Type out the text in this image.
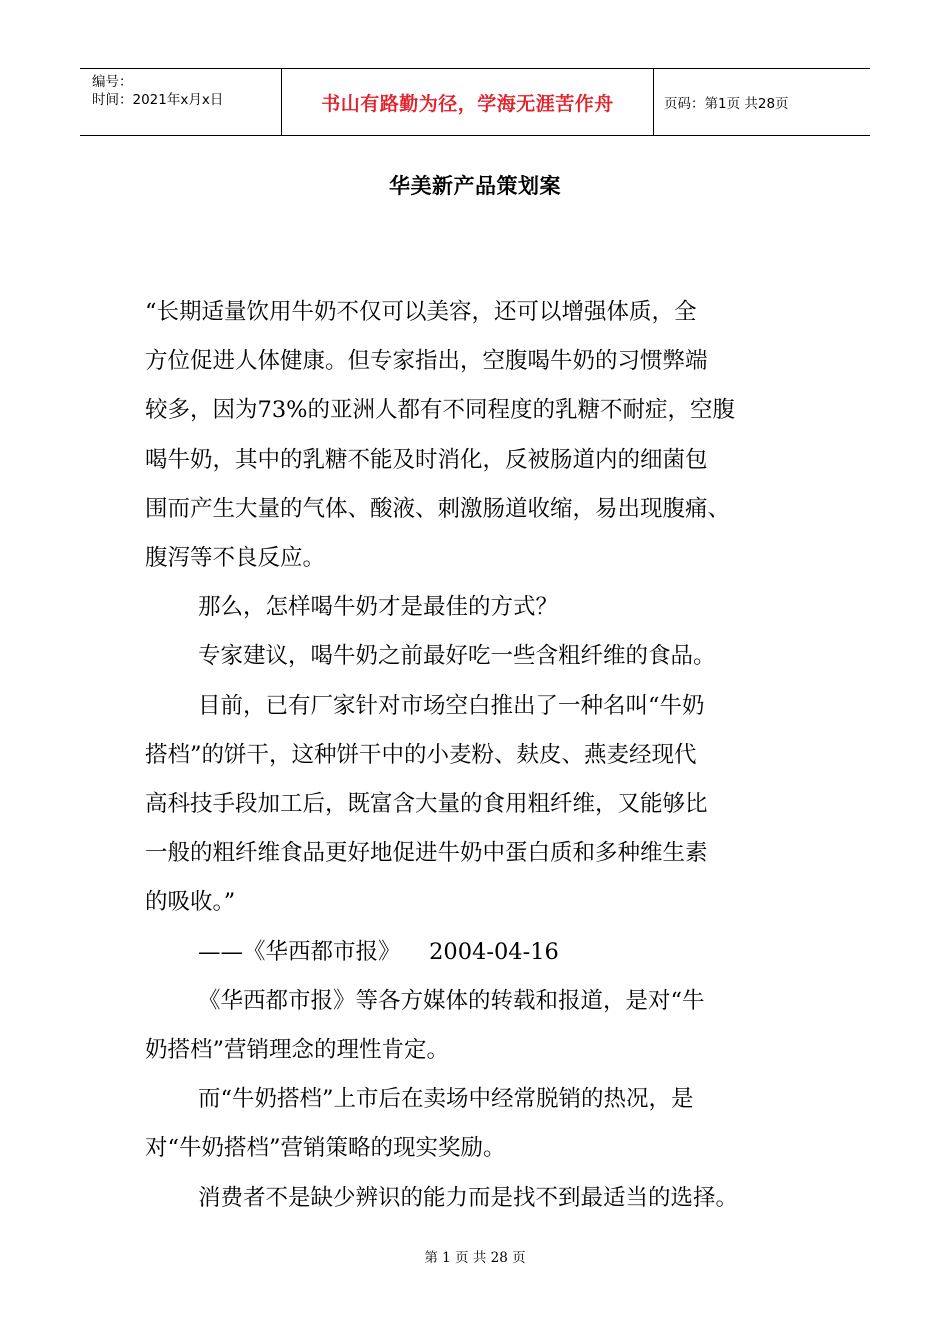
编号：
时间：2021年x月x日	书山有路勤为径，学海无涯苦作舟	页码：第1页 共28页
华美新产品策划案

“长期适量饮用牛奶不仅可以美容，还可以增强体质，全

方位促进人体健康。但专家指出，空腹喝牛奶的习惯弊端

较多，因为73%的亚洲人都有不同程度的乳糖不耐症，空腹

喝牛奶，其中的乳糖不能及时消化，反被肠道内的细菌包

围而产生大量的气体、酸液、刺激肠道收缩，易出现腹痛、

腹泻等不良反应。

那么，怎样喝牛奶才是最佳的方式？

专家建议，喝牛奶之前最好吃一些含粗纤维的食品。

目前，已有厂家针对市场空白推出了一种名叫“牛奶

搭档”的饼干，这种饼干中的小麦粉、麸皮、燕麦经现代

高科技手段加工后，既富含大量的食用粗纤维，又能够比

一般的粗纤维食品更好地促进牛奶中蛋白质和多种维生素

的吸收。”

——《华西都市报》    2004-04-16

《华西都市报》等各方媒体的转载和报道，是对“牛

奶搭档”营销理念的理性肯定。

而“牛奶搭档”上市后在卖场中经常脱销的热况，是

对“牛奶搭档”营销策略的现实奖励。

消费者不是缺少辨识的能力而是找不到最适当的选择。

第 1 页 共 28 页
